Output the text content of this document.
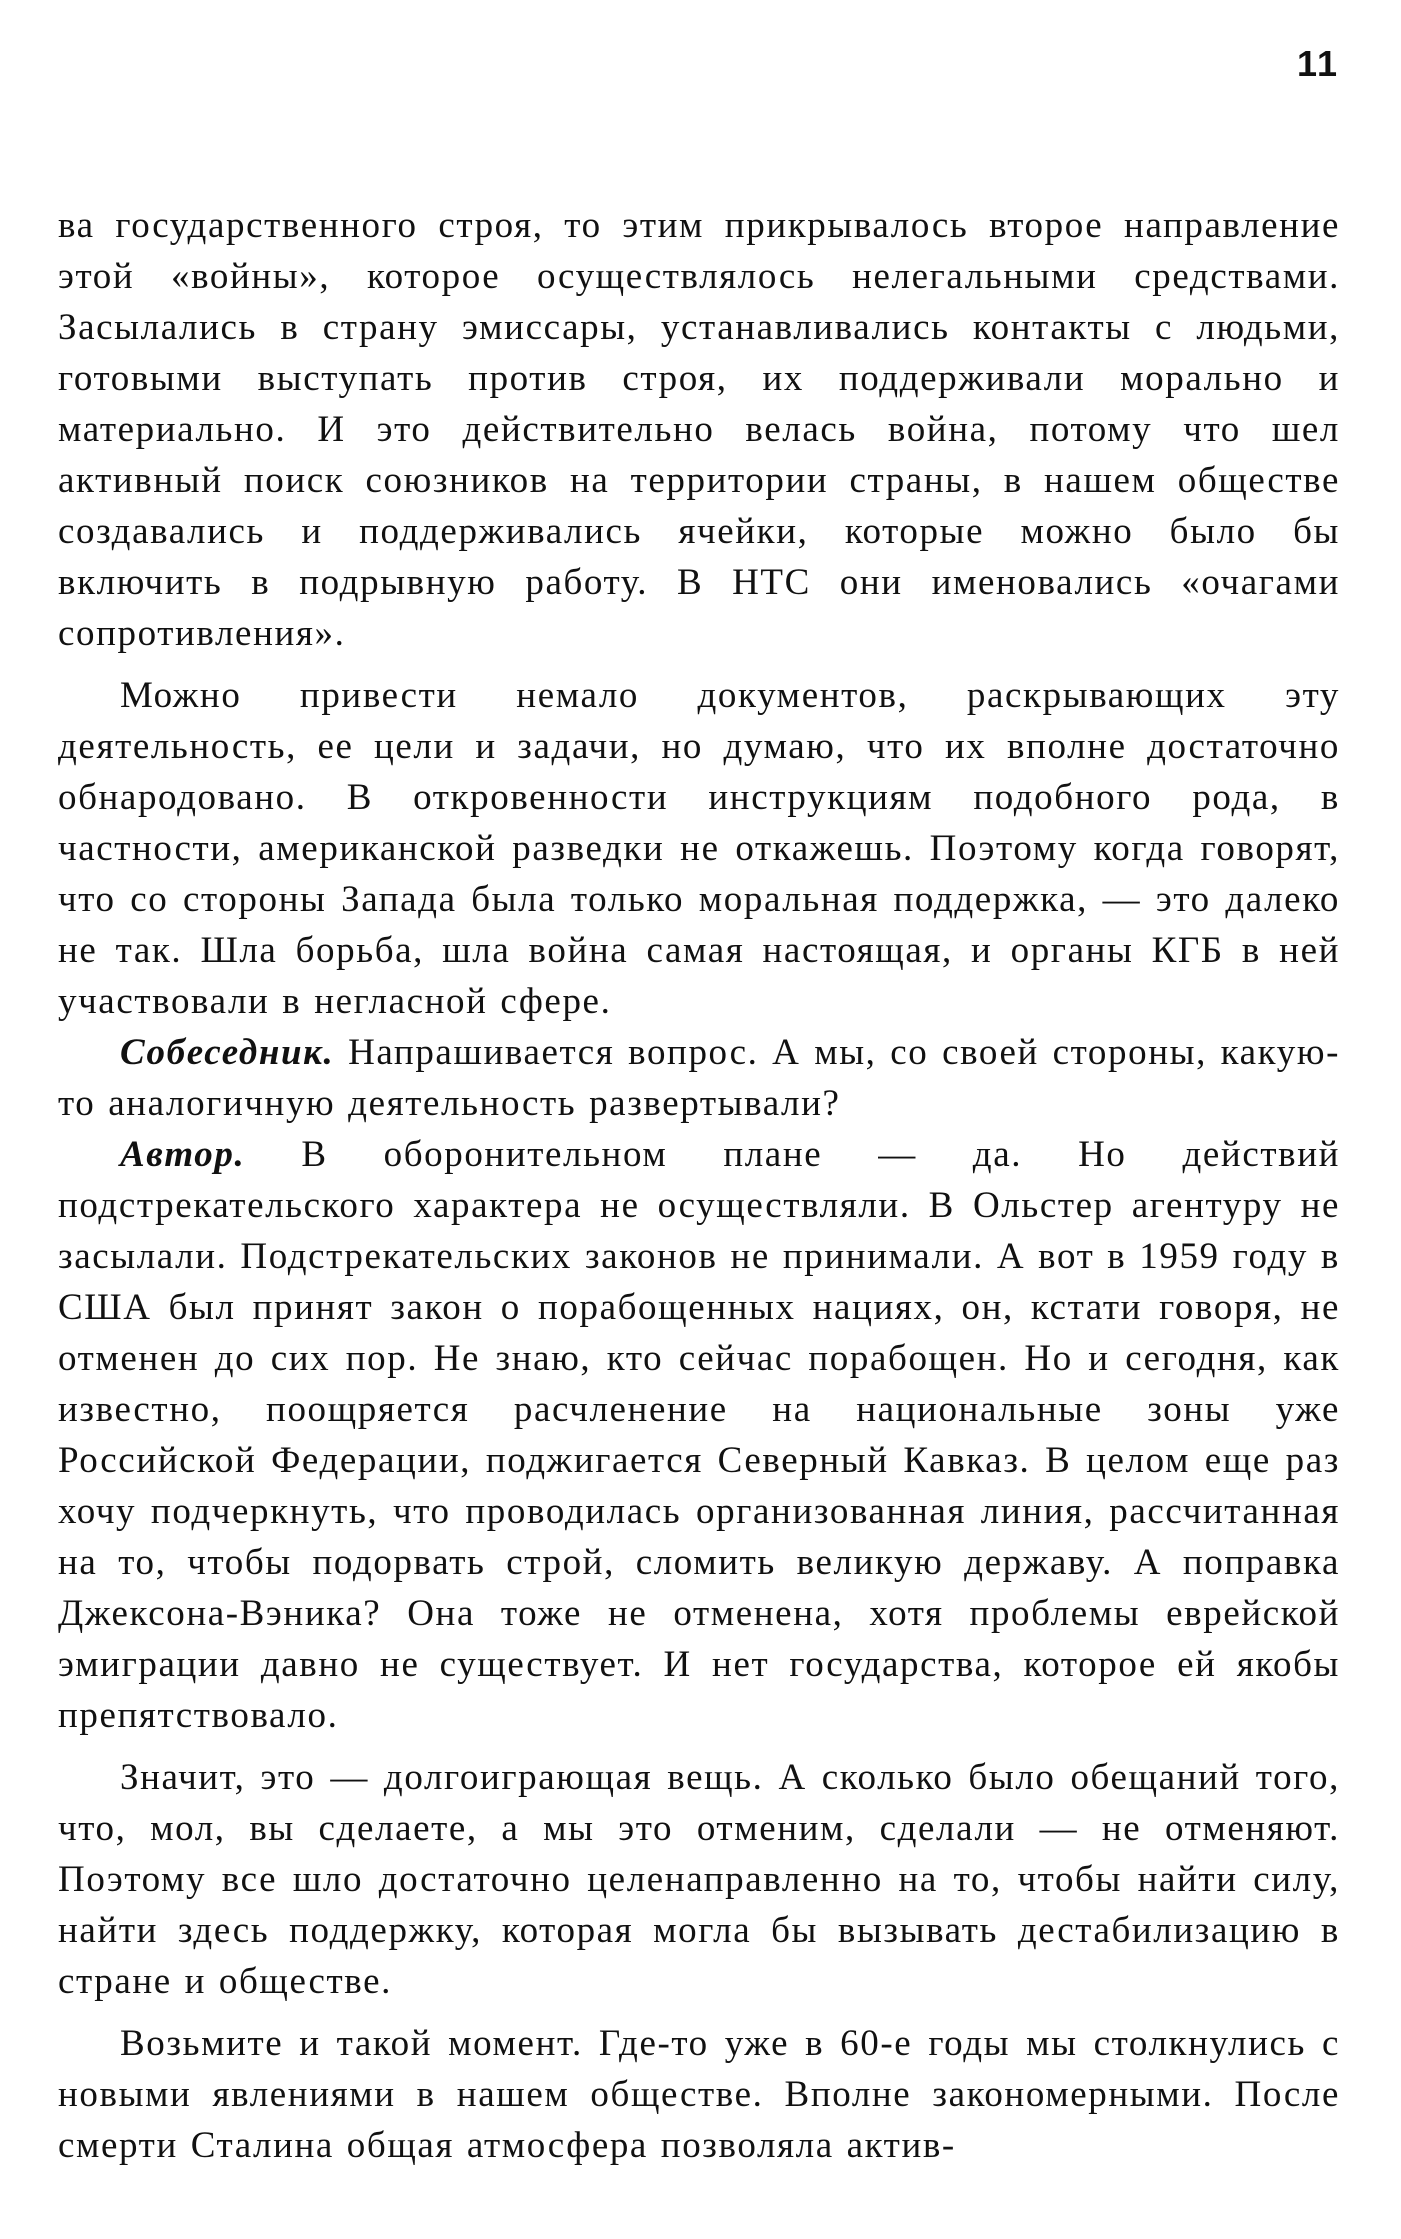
11

ва государственного строя, то этим прикрывалось второе направление этой «войны», которое осуществлялось нелегальными средствами. Засылались в страну эмиссары, устанавливались контакты с людьми, готовыми выступать против строя, их поддерживали морально и материально. И это действительно велась война, потому что шел активный поиск союзников на территории страны, в нашем обществе создавались и поддерживались ячейки, которые можно было бы включить в подрывную работу. В НТС они именовались «очагами сопротивления».

Можно привести немало документов, раскрывающих эту деятельность, ее цели и задачи, но думаю, что их вполне достаточно обнародовано. В откровенности инструкциям подобного рода, в частности, американской разведки не откажешь. Поэтому когда говорят, что со стороны Запада была только моральная поддержка, — это далеко не так. Шла борьба, шла война самая настоящая, и органы КГБ в ней участвовали в негласной сфере.

Собеседник. Напрашивается вопрос. А мы, со своей стороны, какую-то аналогичную деятельность развертывали?

Автор. В оборонительном плане — да. Но действий подстрекательского характера не осуществляли. В Ольстер агентуру не засылали. Подстрекательских законов не принимали. А вот в 1959 году в США был принят закон о порабощенных нациях, он, кстати говоря, не отменен до сих пор. Не знаю, кто сейчас порабощен. Но и сегодня, как известно, поощряется расчленение на национальные зоны уже Российской Федерации, поджигается Северный Кавказ. В целом еще раз хочу подчеркнуть, что проводилась организованная линия, рассчитанная на то, чтобы подорвать строй, сломить великую державу. А поправка Джексона-Вэника? Она тоже не отменена, хотя проблемы еврейской эмиграции давно не существует. И нет государства, которое ей якобы препятствовало.

Значит, это — долгоиграющая вещь. А сколько было обещаний того, что, мол, вы сделаете, а мы это отменим, сделали — не отменяют. Поэтому все шло достаточно целенаправленно на то, чтобы найти силу, найти здесь поддержку, которая могла бы вызывать дестабилизацию в стране и обществе.

Возьмите и такой момент. Где-то уже в 60-е годы мы столкнулись с новыми явлениями в нашем обществе. Вполне закономерными. После смерти Сталина общая атмосфера позволяла актив-
